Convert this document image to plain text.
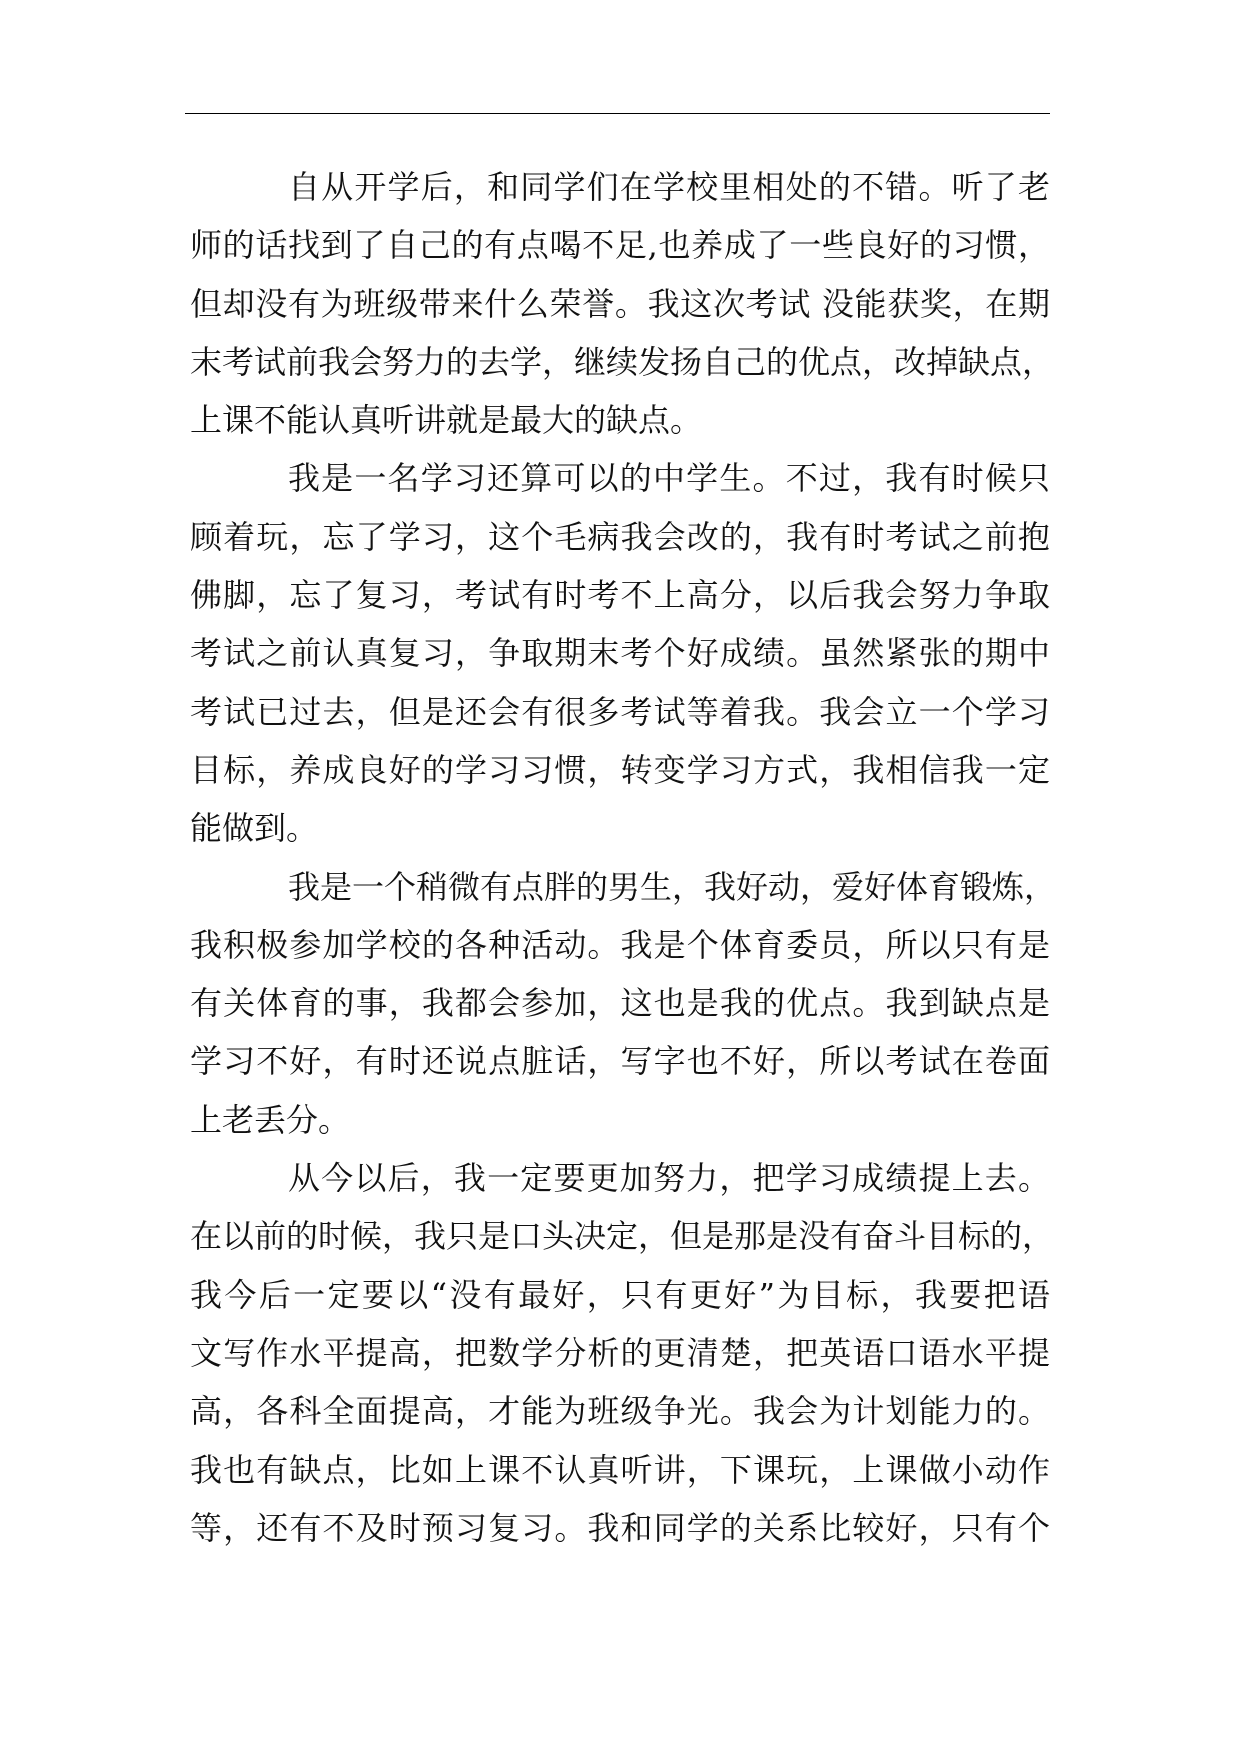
自从开学后，和同学们在学校里相处的不错。听了老
师的话找到了自己的有点喝不足,也养成了一些良好的习惯，
但却没有为班级带来什么荣誉。我这次考试 没能获奖，在期
末考试前我会努力的去学，继续发扬自己的优点，改掉缺点，
上课不能认真听讲就是最大的缺点。
我是一名学习还算可以的中学生。不过，我有时候只
顾着玩，忘了学习，这个毛病我会改的，我有时考试之前抱
佛脚，忘了复习，考试有时考不上高分，以后我会努力争取
考试之前认真复习，争取期末考个好成绩。虽然紧张的期中
考试已过去，但是还会有很多考试等着我。我会立一个学习
目标，养成良好的学习习惯，转变学习方式，我相信我一定
能做到。
我是一个稍微有点胖的男生，我好动，爱好体育锻炼，
我积极参加学校的各种活动。我是个体育委员，所以只有是
有关体育的事，我都会参加，这也是我的优点。我到缺点是
学习不好，有时还说点脏话，写字也不好，所以考试在卷面
上老丢分。
从今以后，我一定要更加努力，把学习成绩提上去。
在以前的时候，我只是口头决定，但是那是没有奋斗目标的，
我今后一定要以“没有最好，只有更好”为目标，我要把语
文写作水平提高，把数学分析的更清楚，把英语口语水平提
高，各科全面提高，才能为班级争光。我会为计划能力的。
我也有缺点，比如上课不认真听讲，下课玩，上课做小动作
等，还有不及时预习复习。我和同学的关系比较好，只有个
